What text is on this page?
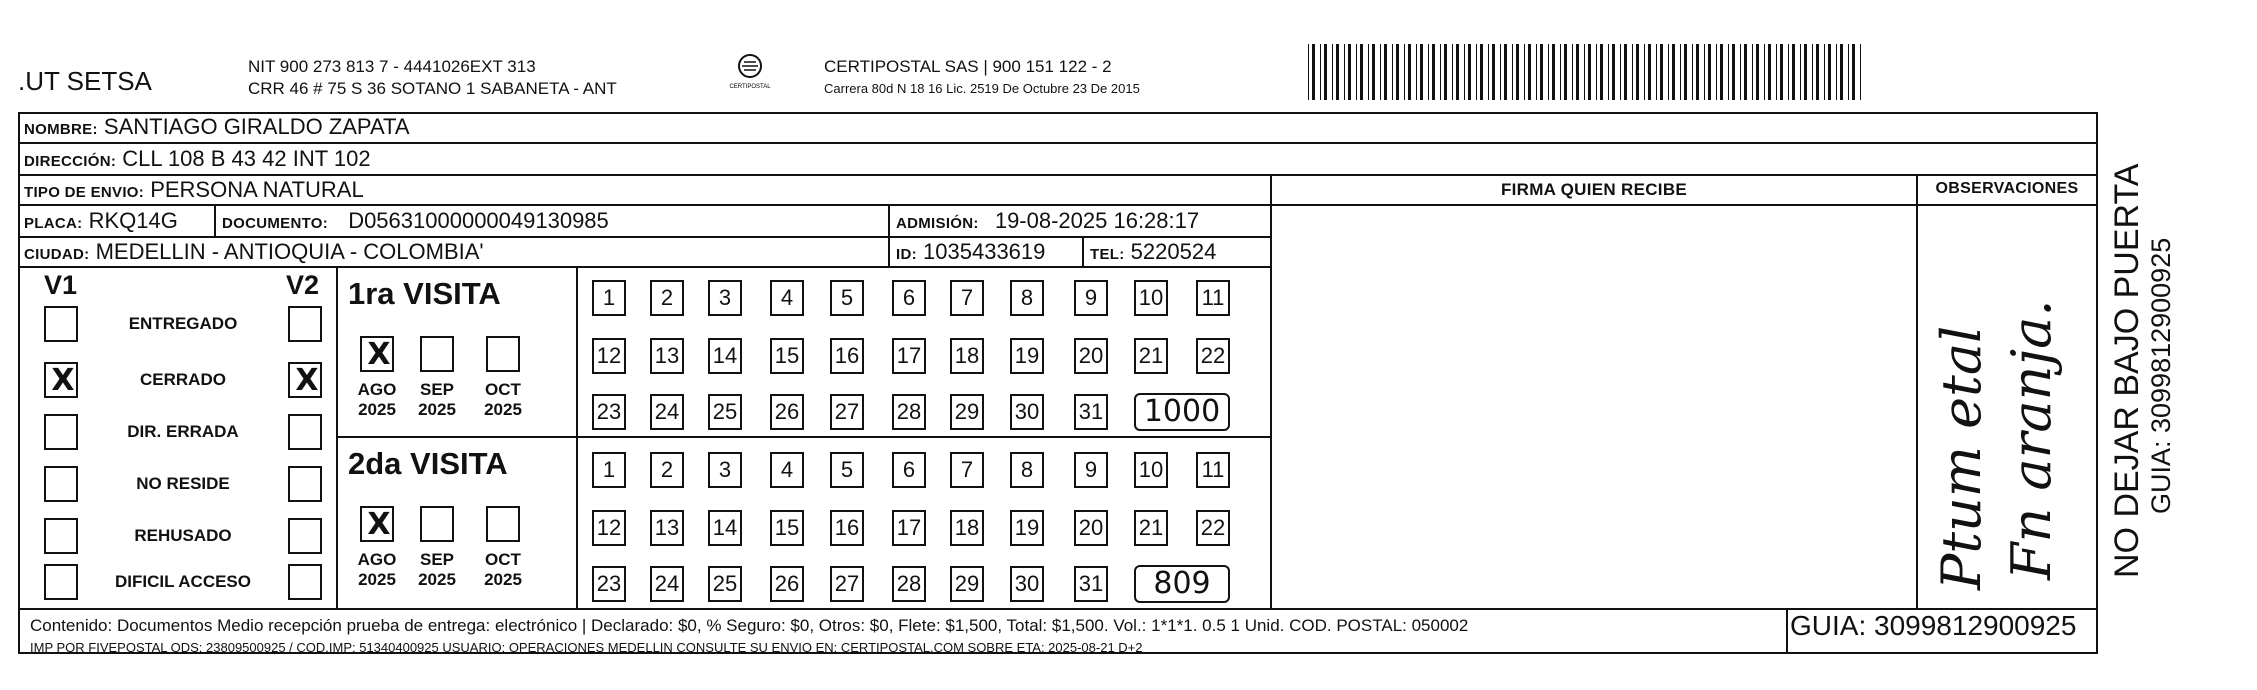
.UT SETSA	NIT 900 273 813 7 - 4441026EXT 313
CRR 46 # 75 S 36 SOTANO 1 SABANETA - ANT	CERTIPOSTAL
CERTIPOSTAL SAS | 900 151 122 - 2
Carrera 80d N 18 16 Lic. 2519 De Octubre 23 De 2015
NOMBRE: SANTIAGO GIRALDO ZAPATA
DIRECCIÓN: CLL 108 B 43 42 INT 102
TIPO DE ENVIO: PERSONA NATURAL
PLACA: RKQ14G	DOCUMENTO: D05631000000049130985	ADMISIÓN: 19-08-2025 16:28:17
CIUDAD: MEDELLIN - ANTIOQUIA - COLOMBIA'	ID: 1035433619	TEL: 5220524
FIRMA QUIEN RECIBE	OBSERVACIONES
V1	V2
ENTREGADO
X	CERRADO	X
DIR. ERRADA
NO RESIDE
REHUSADO
DIFICIL ACCESO
1ra VISITA
X
AGO
2025
SEP
2025
OCT
2025
1	2	3	4	5	6	7	8	9	10 11
12 13 14 15 16 17 18 19 20 21 22
23 24 25 26 27 28 29 30 31	1000
2da VISITA
X
AGO
2025
SEP
2025
OCT
2025
1	2	3	4	5	6	7	8	9	10 11
12 13 14 15 16 17 18 19 20 21 22
23 24 25 26 27 28 29 30 31	809	Ptum etal Fn aranja. NO DEJAR BAJO PUERTA GUIA: 3099812900925
Contenido: Documentos Medio recepción prueba de entrega: electrónico | Declarado: $0, % Seguro: $0, Otros: $0, Flete: $1,500, Total: $1,500. Vol.: 1*1*1. 0.5 1 Unid. COD. POSTAL: 050002
IMP POR FIVEPOSTAL ODS: 23809500925 / COD.IMP: 51340400925 USUARIO: OPERACIONES MEDELLIN CONSULTE SU ENVIO EN: CERTIPOSTAL.COM SOBRE ETA: 2025-08-21 D+2
GUIA: 3099812900925
